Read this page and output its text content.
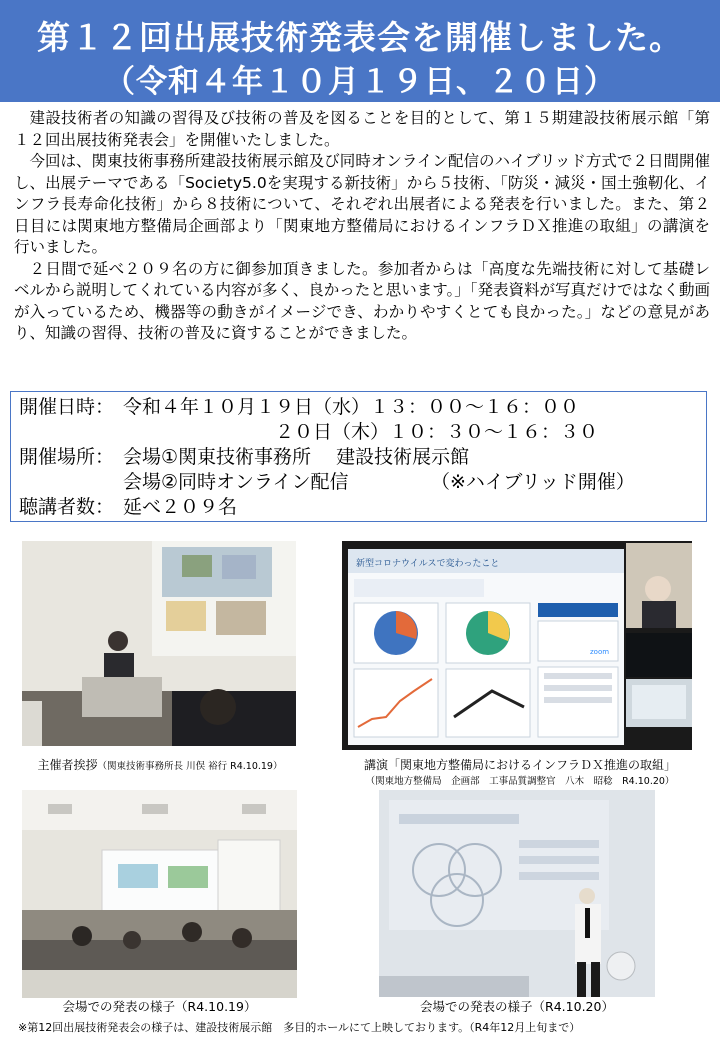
第１２回出展技術発表会を開催しました。
（令和４年１０月１９日、２０日）

建設技術者の知識の習得及び技術の普及を図ることを目的として、第１５期建設技術展示館「第１２回出展技術発表会」を開催いたしました。

今回は、関東技術事務所建設技術展示館及び同時オンライン配信のハイブリッド方式で２日間開催し、出展テーマである「Society5.0を実現する新技術」から５技術、「防災・減災・国土強靭化、インフラ長寿命化技術」から８技術について、それぞれ出展者による発表を行いました。また、第２日目には関東地方整備局企画部より「関東地方整備局におけるインフラＤＸ推進の取組」の講演を行いました。

２日間で延べ２０９名の方に御参加頂きました。参加者からは「高度な先端技術に対して基礎レベルから説明してくれている内容が多く、良かったと思います。」「発表資料が写真だけではなく動画が入っているため、機器等の動きがイメージでき、わかりやすくとても良かった。」などの意見があり、知識の習得、技術の普及に資することができました。

開催日時： 令和４年１０月１９日（水）１３：００～１６：００
２０日（木）１０：３０～１６：３０
開催場所： 会場①関東技術事務所　 建設技術展示館
会場②同時オンライン配信	（※ハイブリッド開催）
聴講者数： 延べ２０９名
主催者挨拶（関東技術事務所長 川俣 裕行 R4.10.19）
新型コロナウイルスで変わったこと
zoom
講演「関東地方整備局におけるインフラＤＸ推進の取組」
（関東地方整備局　企画部　工事品質調整官　八木　昭稔　R4.10.20）
会場での発表の様子（R4.10.19）	会場での発表の様子（R4.10.20）
※第12回出展技術発表会の様子は、建設技術展示館　多目的ホールにて上映しております。（R4年12月上旬まで）
